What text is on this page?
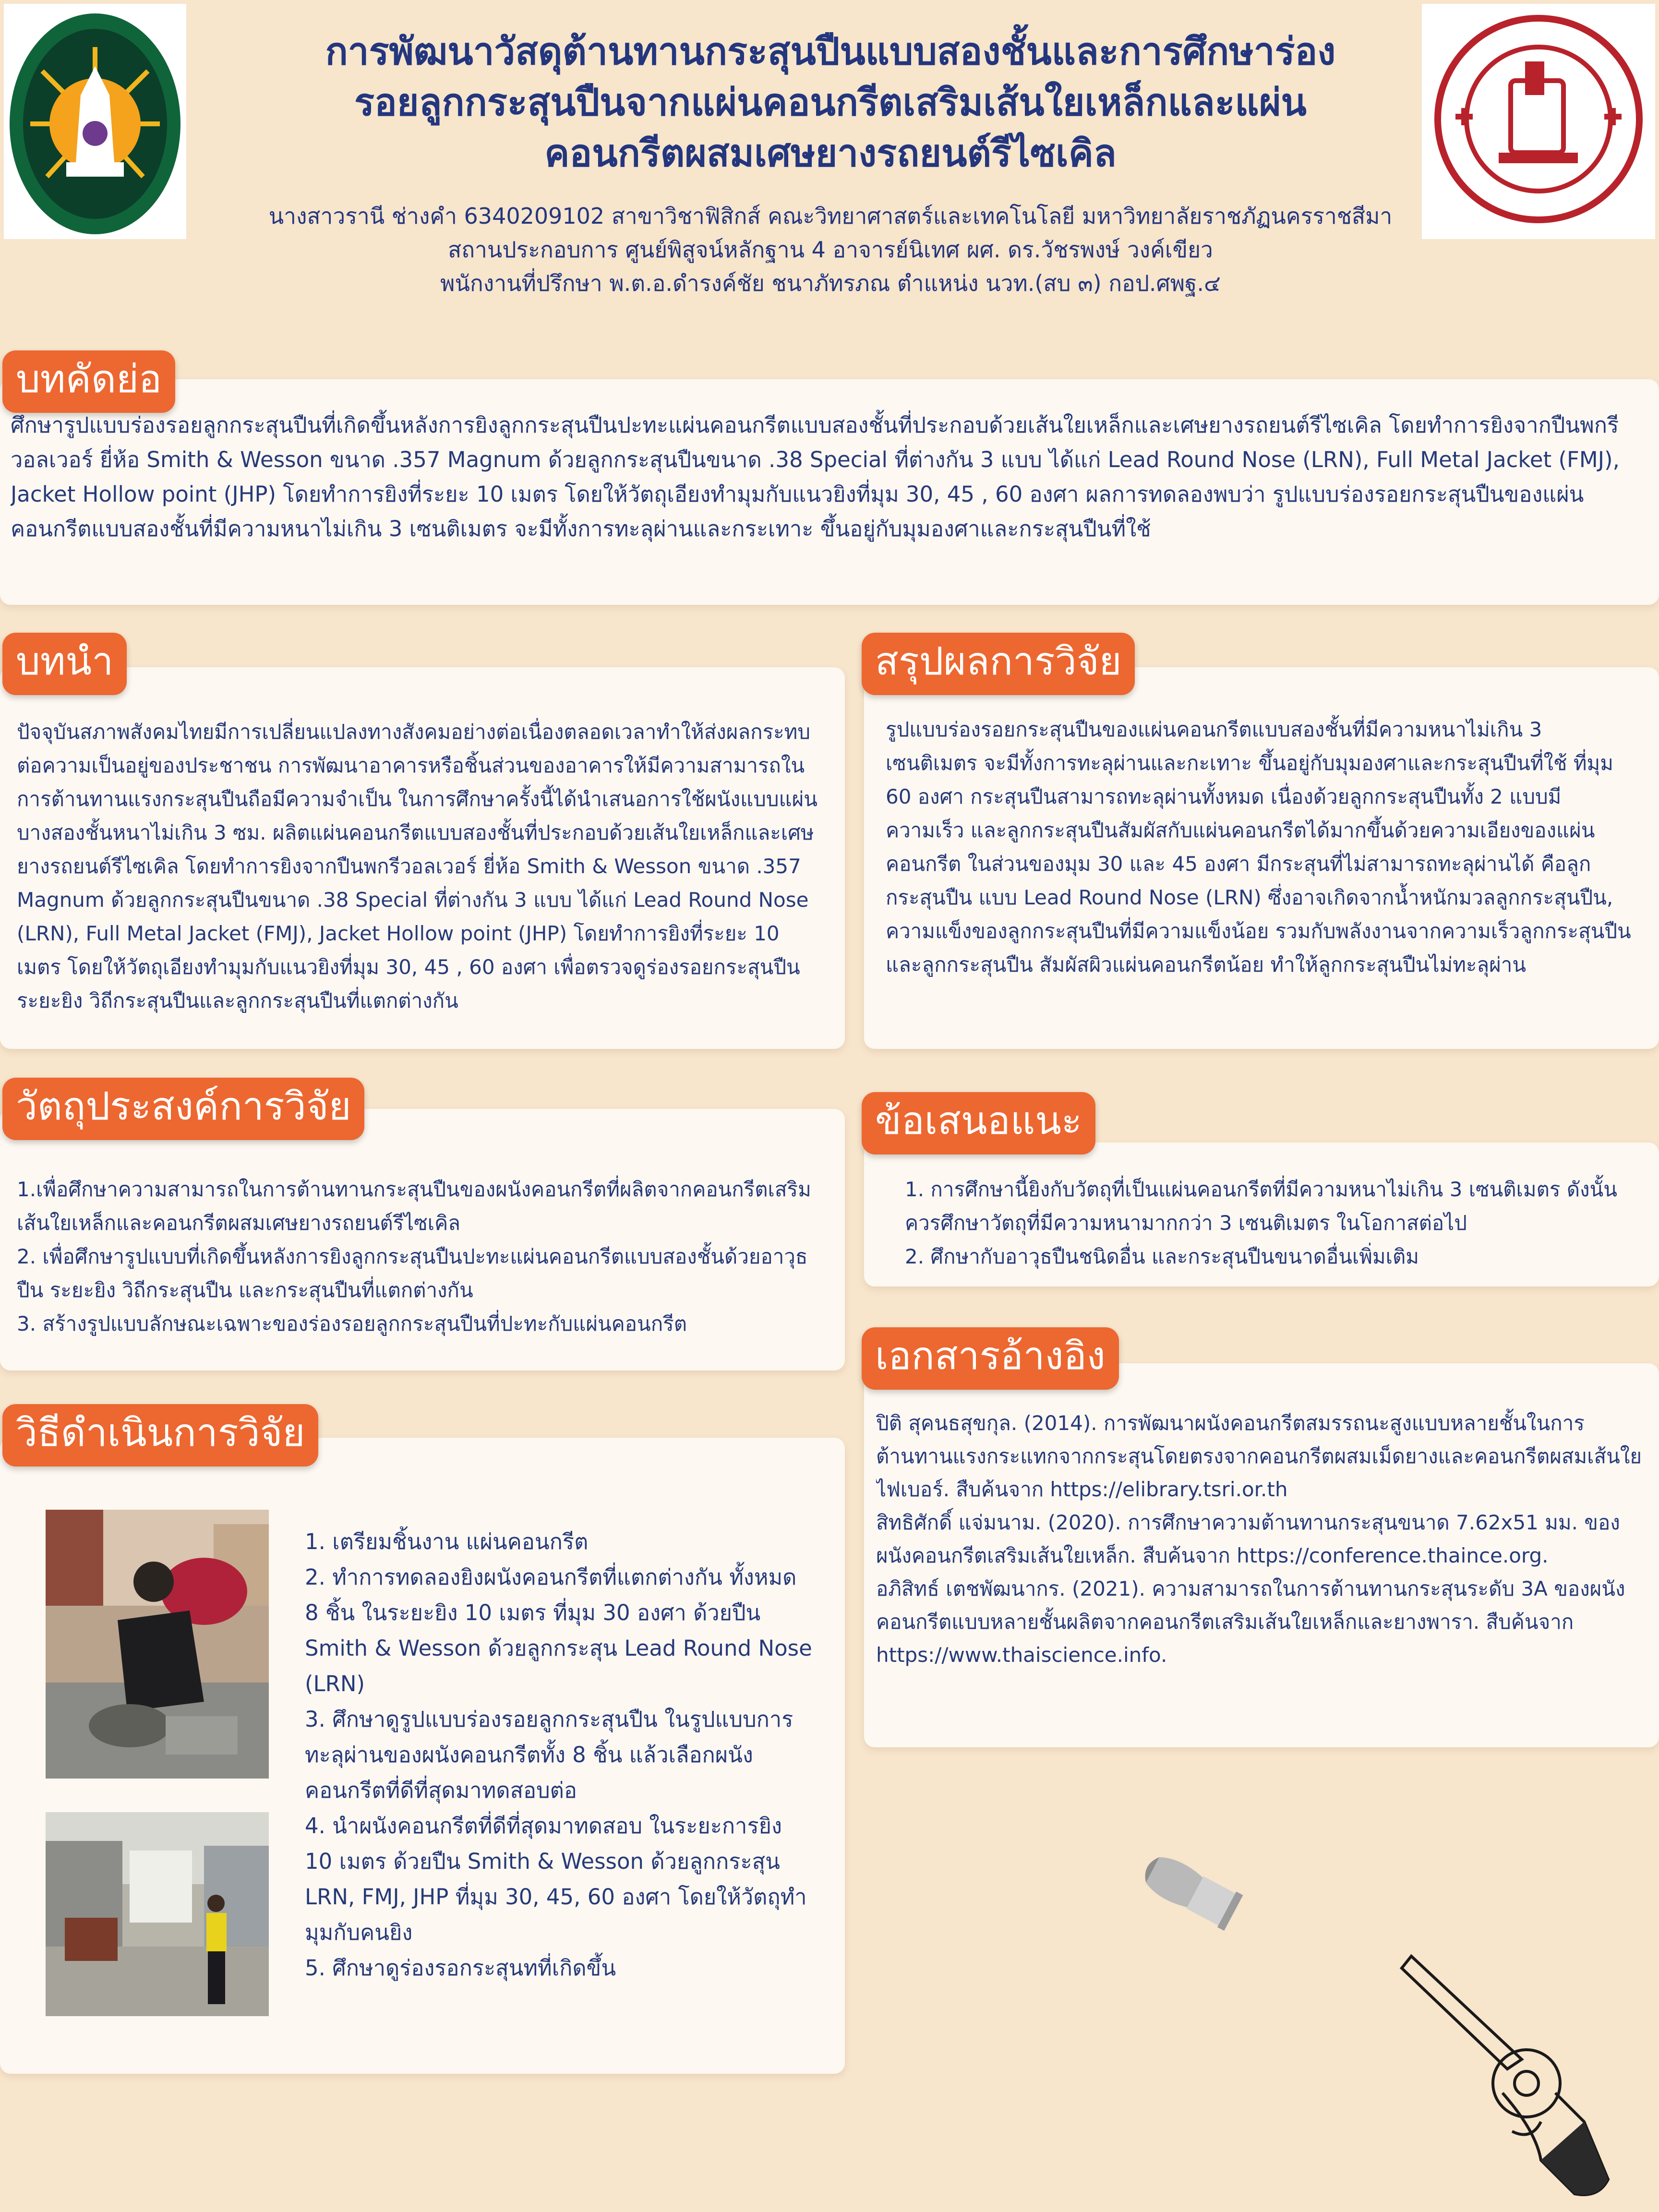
การพัฒนาวัสดุต้านทานกระสุนปืนแบบสองชั้นและการศึกษาร่อง
รอยลูกกระสุนปืนจากแผ่นคอนกรีตเสริมเส้นใยเหล็กและแผ่น
คอนกรีตผสมเศษยางรถยนต์รีไซเคิล
นางสาวรานี ช่างคำ 6340209102 สาขาวิชาฟิสิกส์ คณะวิทยาศาสตร์และเทคโนโลยี มหาวิทยาลัยราชภัฏนครราชสีมา
สถานประกอบการ ศูนย์พิสูจน์หลักฐาน 4 อาจารย์นิเทศ ผศ. ดร.วัชรพงษ์ วงค์เขียว
พนักงานที่ปรึกษา พ.ต.อ.ดำรงค์ชัย ชนาภัทรภณ ตำแหน่ง นวท.(สบ ๓) กอป.ศพฐ.๔
บทคัดย่อ
ศึกษารูปแบบร่องรอยลูกกระสุนปืนที่เกิดขึ้นหลังการยิงลูกกระสุนปืนปะทะแผ่นคอนกรีตแบบสองชั้นที่ประกอบด้วยเส้นใยเหล็กและเศษยางรถยนต์รีไซเคิล โดยทำการยิงจากปืนพกรีวอลเวอร์ ยี่ห้อ Smith & Wesson ขนาด .357 Magnum ด้วยลูกกระสุนปืนขนาด .38 Special ที่ต่างกัน 3 แบบ ได้แก่ Lead Round Nose (LRN), Full Metal Jacket (FMJ), Jacket Hollow point (JHP) โดยทำการยิงที่ระยะ 10 เมตร โดยให้วัตถุเอียงทำมุมกับแนวยิงที่มุม 30, 45 , 60 องศา ผลการทดลองพบว่า รูปแบบร่องรอยกระสุนปืนของแผ่นคอนกรีตแบบสองชั้นที่มีความหนาไม่เกิน 3 เซนติเมตร จะมีทั้งการทะลุผ่านและกระเทาะ ขึ้นอยู่กับมุมองศาและกระสุนปืนที่ใช้
บทนำ
ปัจจุบันสภาพสังคมไทยมีการเปลี่ยนแปลงทางสังคมอย่างต่อเนื่องตลอดเวลาทำให้ส่งผลกระทบต่อความเป็นอยู่ของประชาชน การพัฒนาอาคารหรือชิ้นส่วนของอาคารให้มีความสามารถในการต้านทานแรงกระสุนปืนถือมีความจำเป็น ในการศึกษาครั้งนี้ได้นำเสนอการใช้ผนังแบบแผ่นบางสองชั้นหนาไม่เกิน 3 ซม. ผลิตแผ่นคอนกรีตแบบสองชั้นที่ประกอบด้วยเส้นใยเหล็กและเศษยางรถยนต์รีไซเคิล โดยทำการยิงจากปืนพกรีวอลเวอร์ ยี่ห้อ Smith & Wesson ขนาด .357 Magnum ด้วยลูกกระสุนปืนขนาด .38 Special ที่ต่างกัน 3 แบบ ได้แก่ Lead Round Nose (LRN), Full Metal Jacket (FMJ), Jacket Hollow point (JHP) โดยทำการยิงที่ระยะ 10 เมตร โดยให้วัตถุเอียงทำมุมกับแนวยิงที่มุม 30, 45 , 60 องศา เพื่อตรวจดูร่องรอยกระสุนปืน ระยะยิง วิถีกระสุนปืนและลูกกระสุนปืนที่แตกต่างกัน
สรุปผลการวิจัย
รูปแบบร่องรอยกระสุนปืนของแผ่นคอนกรีตแบบสองชั้นที่มีความหนาไม่เกิน 3 เซนติเมตร จะมีทั้งการทะลุผ่านและกะเทาะ ขึ้นอยู่กับมุมองศาและกระสุนปืนที่ใช้ ที่มุม 60 องศา กระสุนปืนสามารถทะลุผ่านทั้งหมด เนื่องด้วยลูกกระสุนปืนทั้ง 2 แบบมีความเร็ว และลูกกระสุนปืนสัมผัสกับแผ่นคอนกรีตได้มากขึ้นด้วยความเอียงของแผ่นคอนกรีต ในส่วนของมุม 30 และ 45 องศา มีกระสุนที่ไม่สามารถทะลุผ่านได้ คือลูกกระสุนปืน แบบ Lead Round Nose (LRN) ซึ่งอาจเกิดจากน้ำหนักมวลลูกกระสุนปืน, ความแข็งของลูกกระสุนปืนที่มีความแข็งน้อย รวมกับพลังงานจากความเร็วลูกกระสุนปืนและลูกกระสุนปืน สัมผัสผิวแผ่นคอนกรีตน้อย ทำให้ลูกกระสุนปืนไม่ทะลุผ่าน
วัตถุประสงค์การวิจัย

1.เพื่อศึกษาความสามารถในการต้านทานกระสุนปืนของผนังคอนกรีตที่ผลิตจากคอนกรีตเสริมเส้นใยเหล็กและคอนกรีตผสมเศษยางรถยนต์รีไซเคิล

2. เพื่อศึกษารูปแบบที่เกิดขึ้นหลังการยิงลูกกระสุนปืนปะทะแผ่นคอนกรีตแบบสองชั้นด้วยอาวุธปืน ระยะยิง วิถีกระสุนปืน และกระสุนปืนที่แตกต่างกัน

3. สร้างรูปแบบลักษณะเฉพาะของร่องรอยลูกกระสุนปืนที่ปะทะกับแผ่นคอนกรีต

ข้อเสนอแนะ

1. การศึกษานี้ยิงกับวัตถุที่เป็นแผ่นคอนกรีตที่มีความหนาไม่เกิน 3 เซนติเมตร ดังนั้นควรศึกษาวัตถุที่มีความหนามากกว่า 3 เซนติเมตร ในโอกาสต่อไป

2. ศึกษากับอาวุธปืนชนิดอื่น และกระสุนปืนขนาดอื่นเพิ่มเติม

วิธีดำเนินการวิจัย

1. เตรียมชิ้นงาน แผ่นคอนกรีต

2. ทำการทดลองยิงผนังคอนกรีตที่แตกต่างกัน ทั้งหมด 8 ชิ้น ในระยะยิง 10 เมตร ที่มุม 30 องศา ด้วยปืน Smith & Wesson ด้วยลูกกระสุน Lead Round Nose (LRN)

3. ศึกษาดูรูปแบบร่องรอยลูกกระสุนปืน ในรูปแบบการทะลุผ่านของผนังคอนกรีตทั้ง 8 ชิ้น แล้วเลือกผนังคอนกรีตที่ดีที่สุดมาทดสอบต่อ

4. นำผนังคอนกรีตที่ดีที่สุดมาทดสอบ ในระยะการยิง 10 เมตร ด้วยปืน Smith & Wesson ด้วยลูกกระสุน LRN, FMJ, JHP ที่มุม 30, 45, 60 องศา โดยให้วัตถุทำมุมกับคนยิง

5. ศึกษาดูร่องรอกระสุนทที่เกิดขึ้น

เอกสารอ้างอิง

ปิติ สุคนธสุขกุล. (2014). การพัฒนาผนังคอนกรีตสมรรถนะสูงแบบหลายชั้นในการต้านทานแรงกระแทกจากกระสุนโดยตรงจากคอนกรีตผสมเม็ดยางและคอนกรีตผสมเส้นใยไฟเบอร์. สืบค้นจาก https://elibrary.tsri.or.th

สิทธิศักดิ์ แจ่มนาม. (2020). การศึกษาความต้านทานกระสุนขนาด 7.62x51 มม. ของผนังคอนกรีตเสริมเส้นใยเหล็ก. สืบค้นจาก https://conference.thaince.org.

อภิสิทธ์ เตชพัฒนากร. (2021). ความสามารถในการต้านทานกระสุนระดับ 3A ของผนังคอนกรีตแบบหลายชั้นผลิตจากคอนกรีตเสริมเส้นใยเหล็กและยางพารา. สืบค้นจาก https://www.thaiscience.info.
